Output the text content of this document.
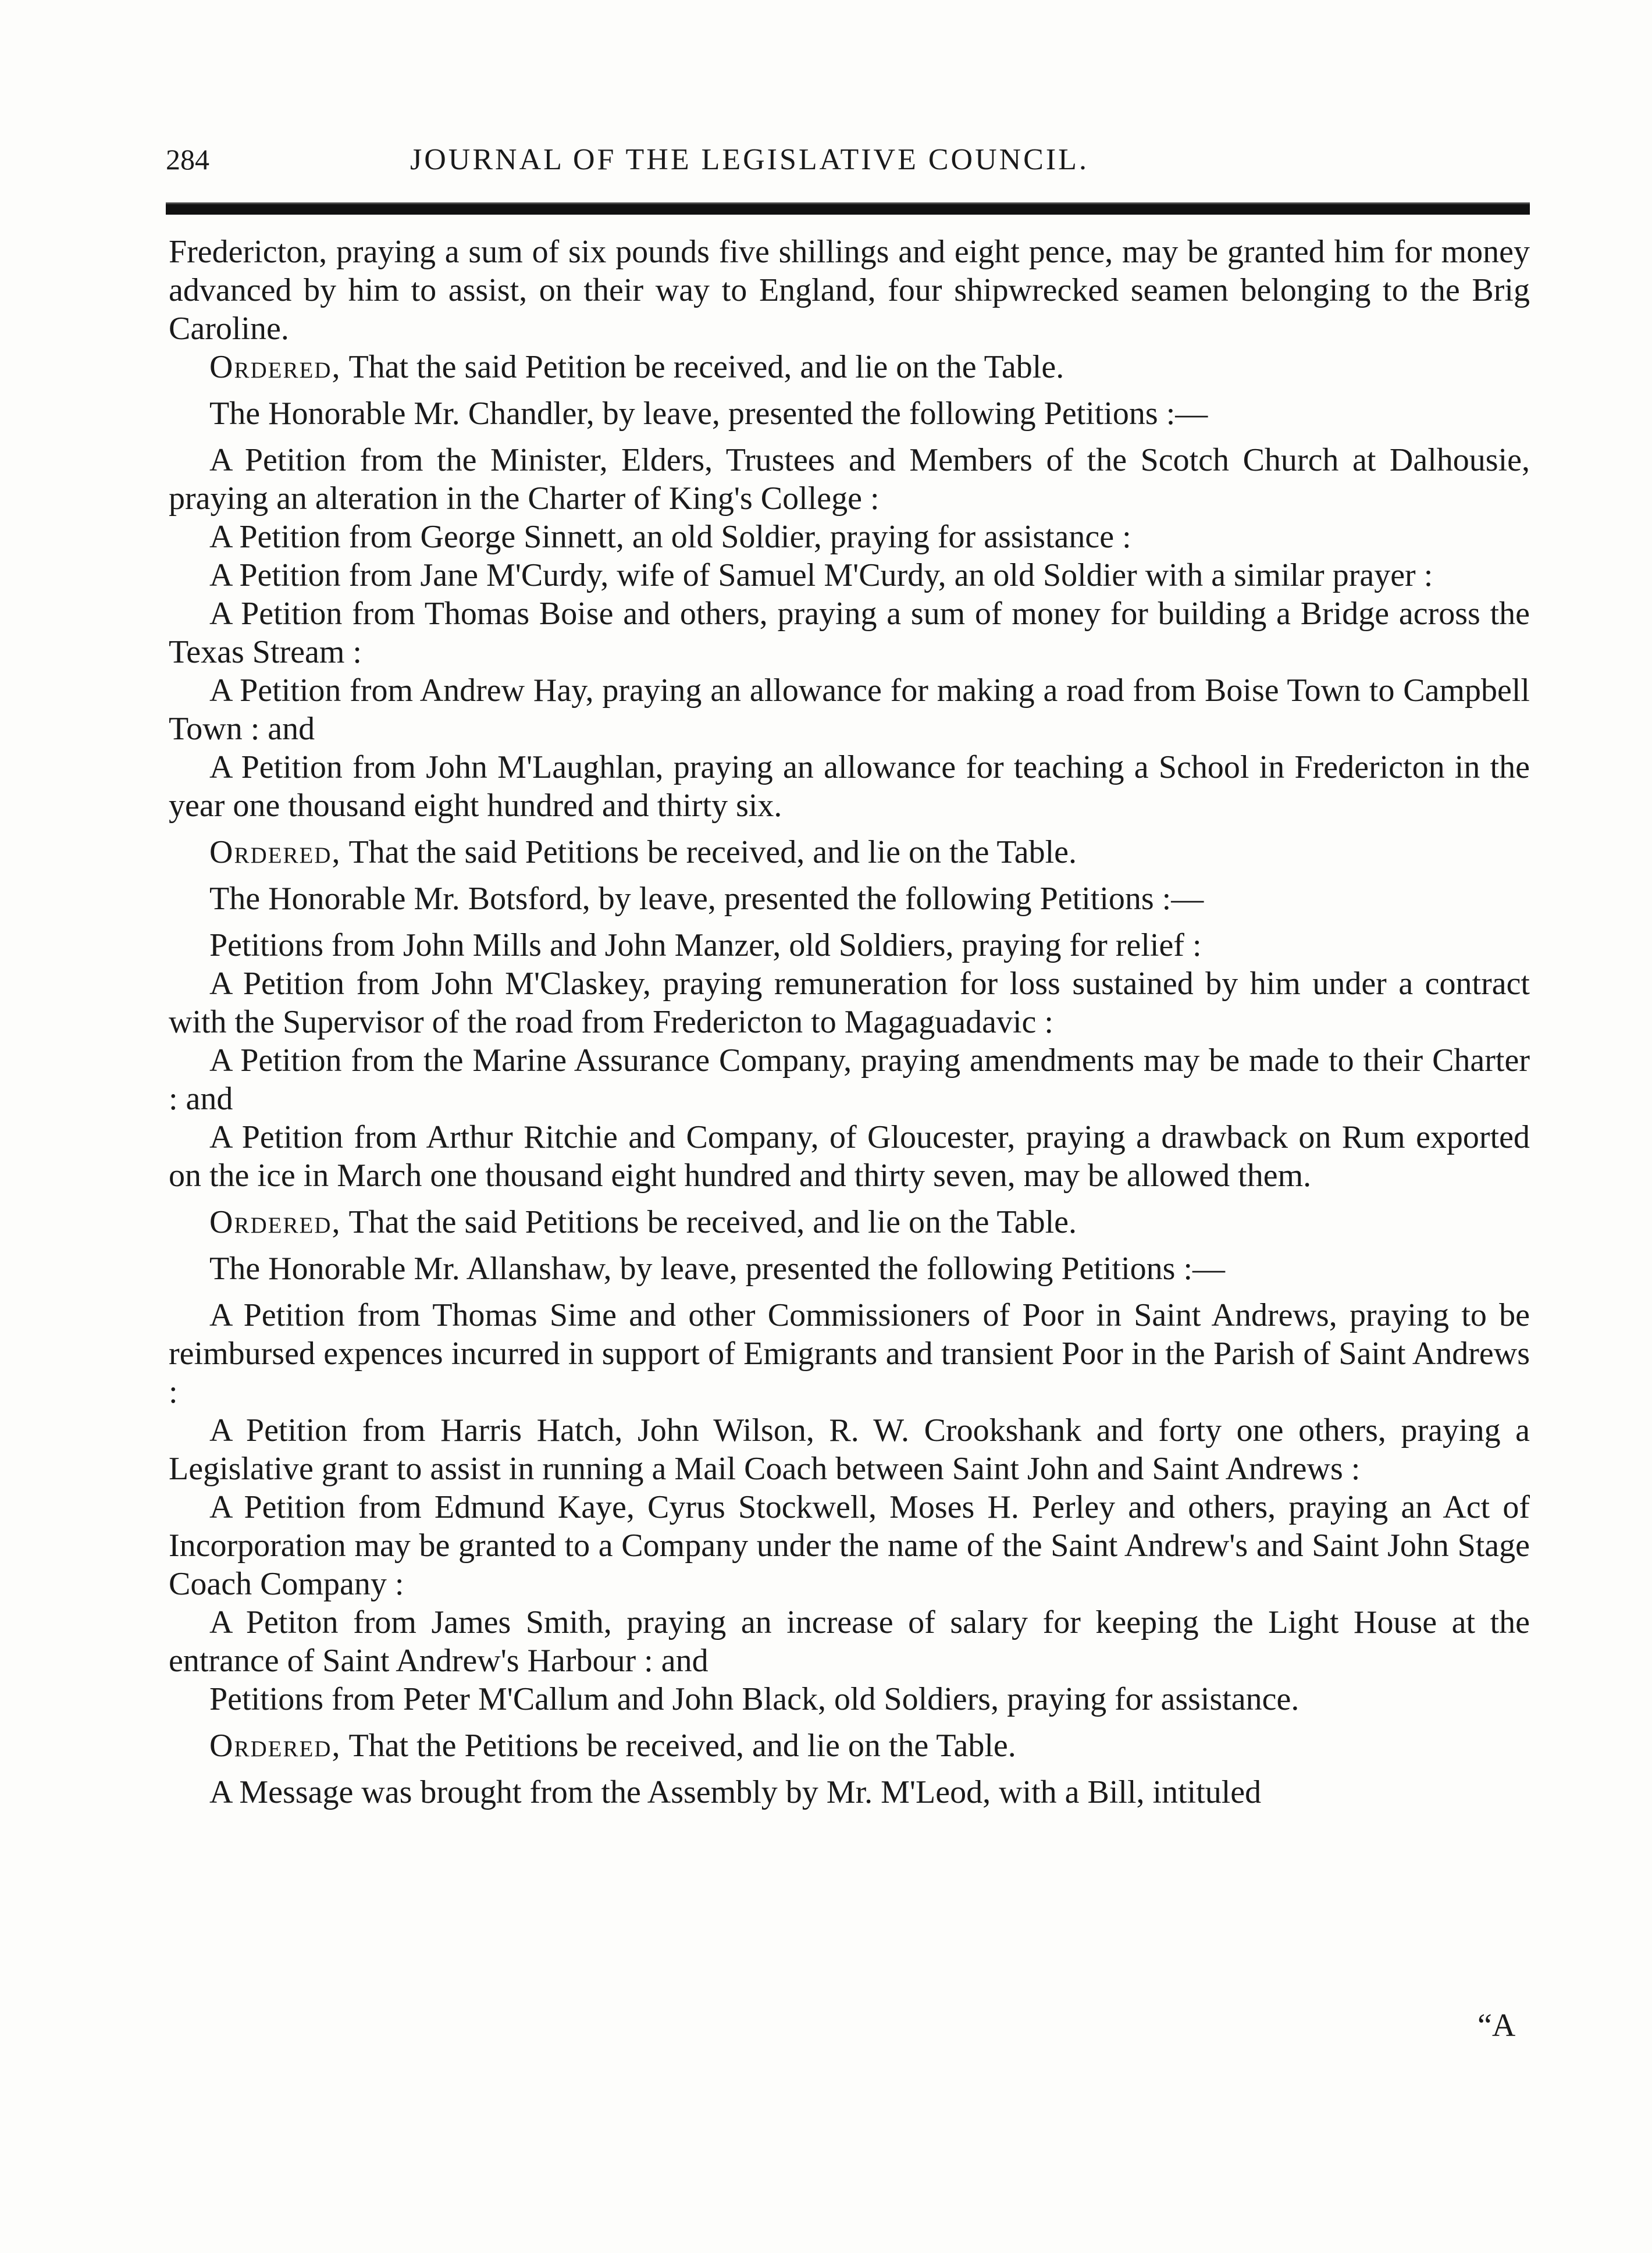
284	JOURNAL OF THE LEGISLATIVE COUNCIL.

Fredericton, praying a sum of six pounds five shillings and eight pence, may be granted him for money advanced by him to assist, on their way to England, four shipwrecked seamen belonging to the Brig Caroline.

Ordered, That the said Petition be received, and lie on the Table.

The Honorable Mr. Chandler, by leave, presented the following Petitions :—

A Petition from the Minister, Elders, Trustees and Members of the Scotch Church at Dalhousie, praying an alteration in the Charter of King's College :

A Petition from George Sinnett, an old Soldier, praying for assistance :

A Petition from Jane M'Curdy, wife of Samuel M'Curdy, an old Soldier with a similar prayer :

A Petition from Thomas Boise and others, praying a sum of money for building a Bridge across the Texas Stream :

A Petition from Andrew Hay, praying an allowance for making a road from Boise Town to Campbell Town : and

A Petition from John M'Laughlan, praying an allowance for teaching a School in Fredericton in the year one thousand eight hundred and thirty six.

Ordered, That the said Petitions be received, and lie on the Table.

The Honorable Mr. Botsford, by leave, presented the following Petitions :—

Petitions from John Mills and John Manzer, old Soldiers, praying for relief :

A Petition from John M'Claskey, praying remuneration for loss sustained by him under a contract with the Supervisor of the road from Fredericton to Magaguadavic :

A Petition from the Marine Assurance Company, praying amendments may be made to their Charter : and

A Petition from Arthur Ritchie and Company, of Gloucester, praying a drawback on Rum exported on the ice in March one thousand eight hundred and thirty seven, may be allowed them.

Ordered, That the said Petitions be received, and lie on the Table.

The Honorable Mr. Allanshaw, by leave, presented the following Petitions :—

A Petition from Thomas Sime and other Commissioners of Poor in Saint Andrews, praying to be reimbursed expences incurred in support of Emigrants and transient Poor in the Parish of Saint Andrews :

A Petition from Harris Hatch, John Wilson, R. W. Crookshank and forty one others, praying a Legislative grant to assist in running a Mail Coach between Saint John and Saint Andrews :

A Petition from Edmund Kaye, Cyrus Stockwell, Moses H. Perley and others, praying an Act of Incorporation may be granted to a Company under the name of the Saint Andrew's and Saint John Stage Coach Company :

A Petiton from James Smith, praying an increase of salary for keeping the Light House at the entrance of Saint Andrew's Harbour : and

Petitions from Peter M'Callum and John Black, old Soldiers, praying for assistance.

Ordered, That the Petitions be received, and lie on the Table.

A Message was brought from the Assembly by Mr. M'Leod, with a Bill, intituled

“A
